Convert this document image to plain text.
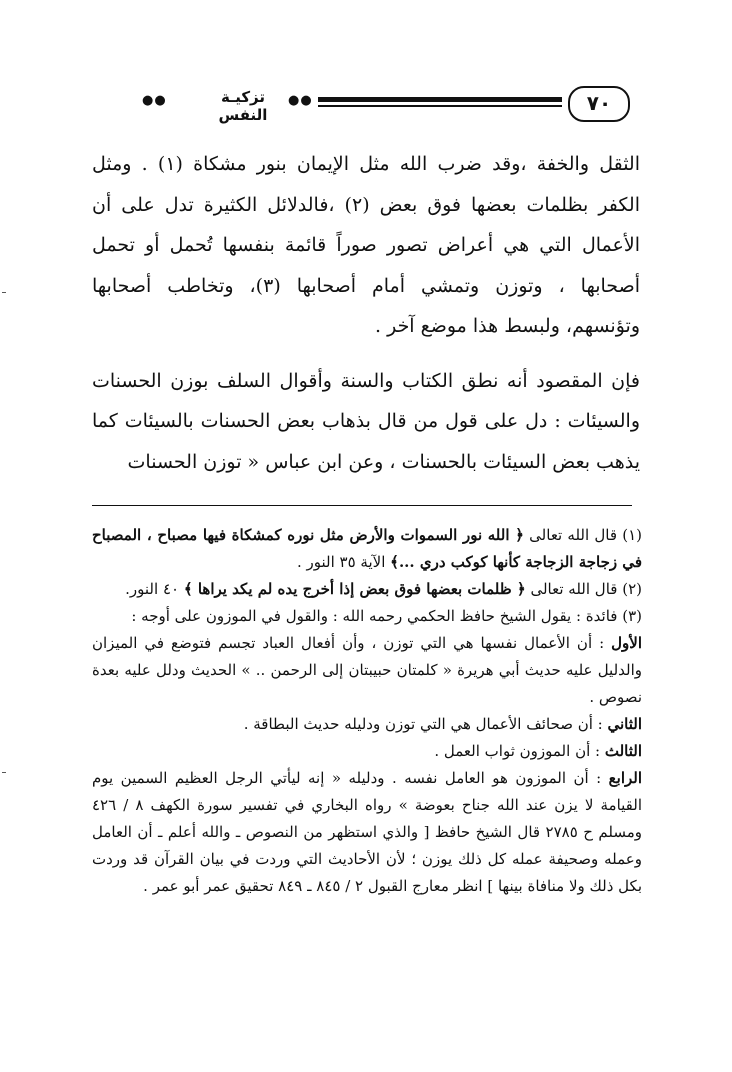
٧٠
●●
تزكيـة النفس
●●

الثقل والخفة ،وقد ضرب الله مثل الإيمان بنور مشكاة (١) . ومثل الكفر بظلمات بعضها فوق بعض (٢) ،فالدلائل الكثيرة تدل على أن الأعمال التي هي أعراض تصور صوراً قائمة بنفسها تُحمل أو تحمل أصحابها ، وتوزن وتمشي أمام أصحابها (٣)، وتخاطب أصحابها وتؤنسهم، ولبسط هذا موضع آخر .

فإن المقصود أنه نطق الكتاب والسنة وأقوال السلف بوزن الحسنات والسيئات : دل على قول من قال بذهاب بعض الحسنات بالسيئات كما يذهب بعض السيئات بالحسنات ، وعن ابن عباس « توزن الحسنات

(١) قال الله تعالى ﴿ الله نور السموات والأرض مثل نوره كمشكاة فيها مصباح ، المصباح في زجاجة الزجاجة كأنها كوكب دري ...﴾ الآية ٣٥ النور .

(٢) قال الله تعالى ﴿ ظلمات بعضها فوق بعض إذا أخرج يده لم يكد يراها ﴾ ٤٠ النور.

(٣) فائدة : يقول الشيخ حافظ الحكمي رحمه الله : والقول في الموزون على أوجه :

الأول : أن الأعمال نفسها هي التي توزن ، وأن أفعال العباد تجسم فتوضع في الميزان والدليل عليه حديث أبي هريرة « كلمتان حبيبتان إلى الرحمن .. » الحديث ودلل عليه بعدة نصوص .

الثاني : أن صحائف الأعمال هي التي توزن ودليله حديث البطاقة .

الثالث : أن الموزون ثواب العمل .

الرابع : أن الموزون هو العامل نفسه . ودليله « إنه ليأتي الرجل العظيم السمين يوم القيامة لا يزن عند الله جناح بعوضة » رواه البخاري في تفسير سورة الكهف ٨ / ٤٢٦ ومسلم ح ٢٧٨٥ قال الشيخ حافظ [ والذي استظهر من النصوص ـ والله أعلم ـ أن العامل وعمله وصحيفة عمله كل ذلك يوزن ؛ لأن الأحاديث التي وردت في بيان القرآن قد وردت بكل ذلك ولا منافاة بينها ] انظر معارج القبول ٢ / ٨٤٥ ـ ٨٤٩ تحقيق عمر أبو عمر .
